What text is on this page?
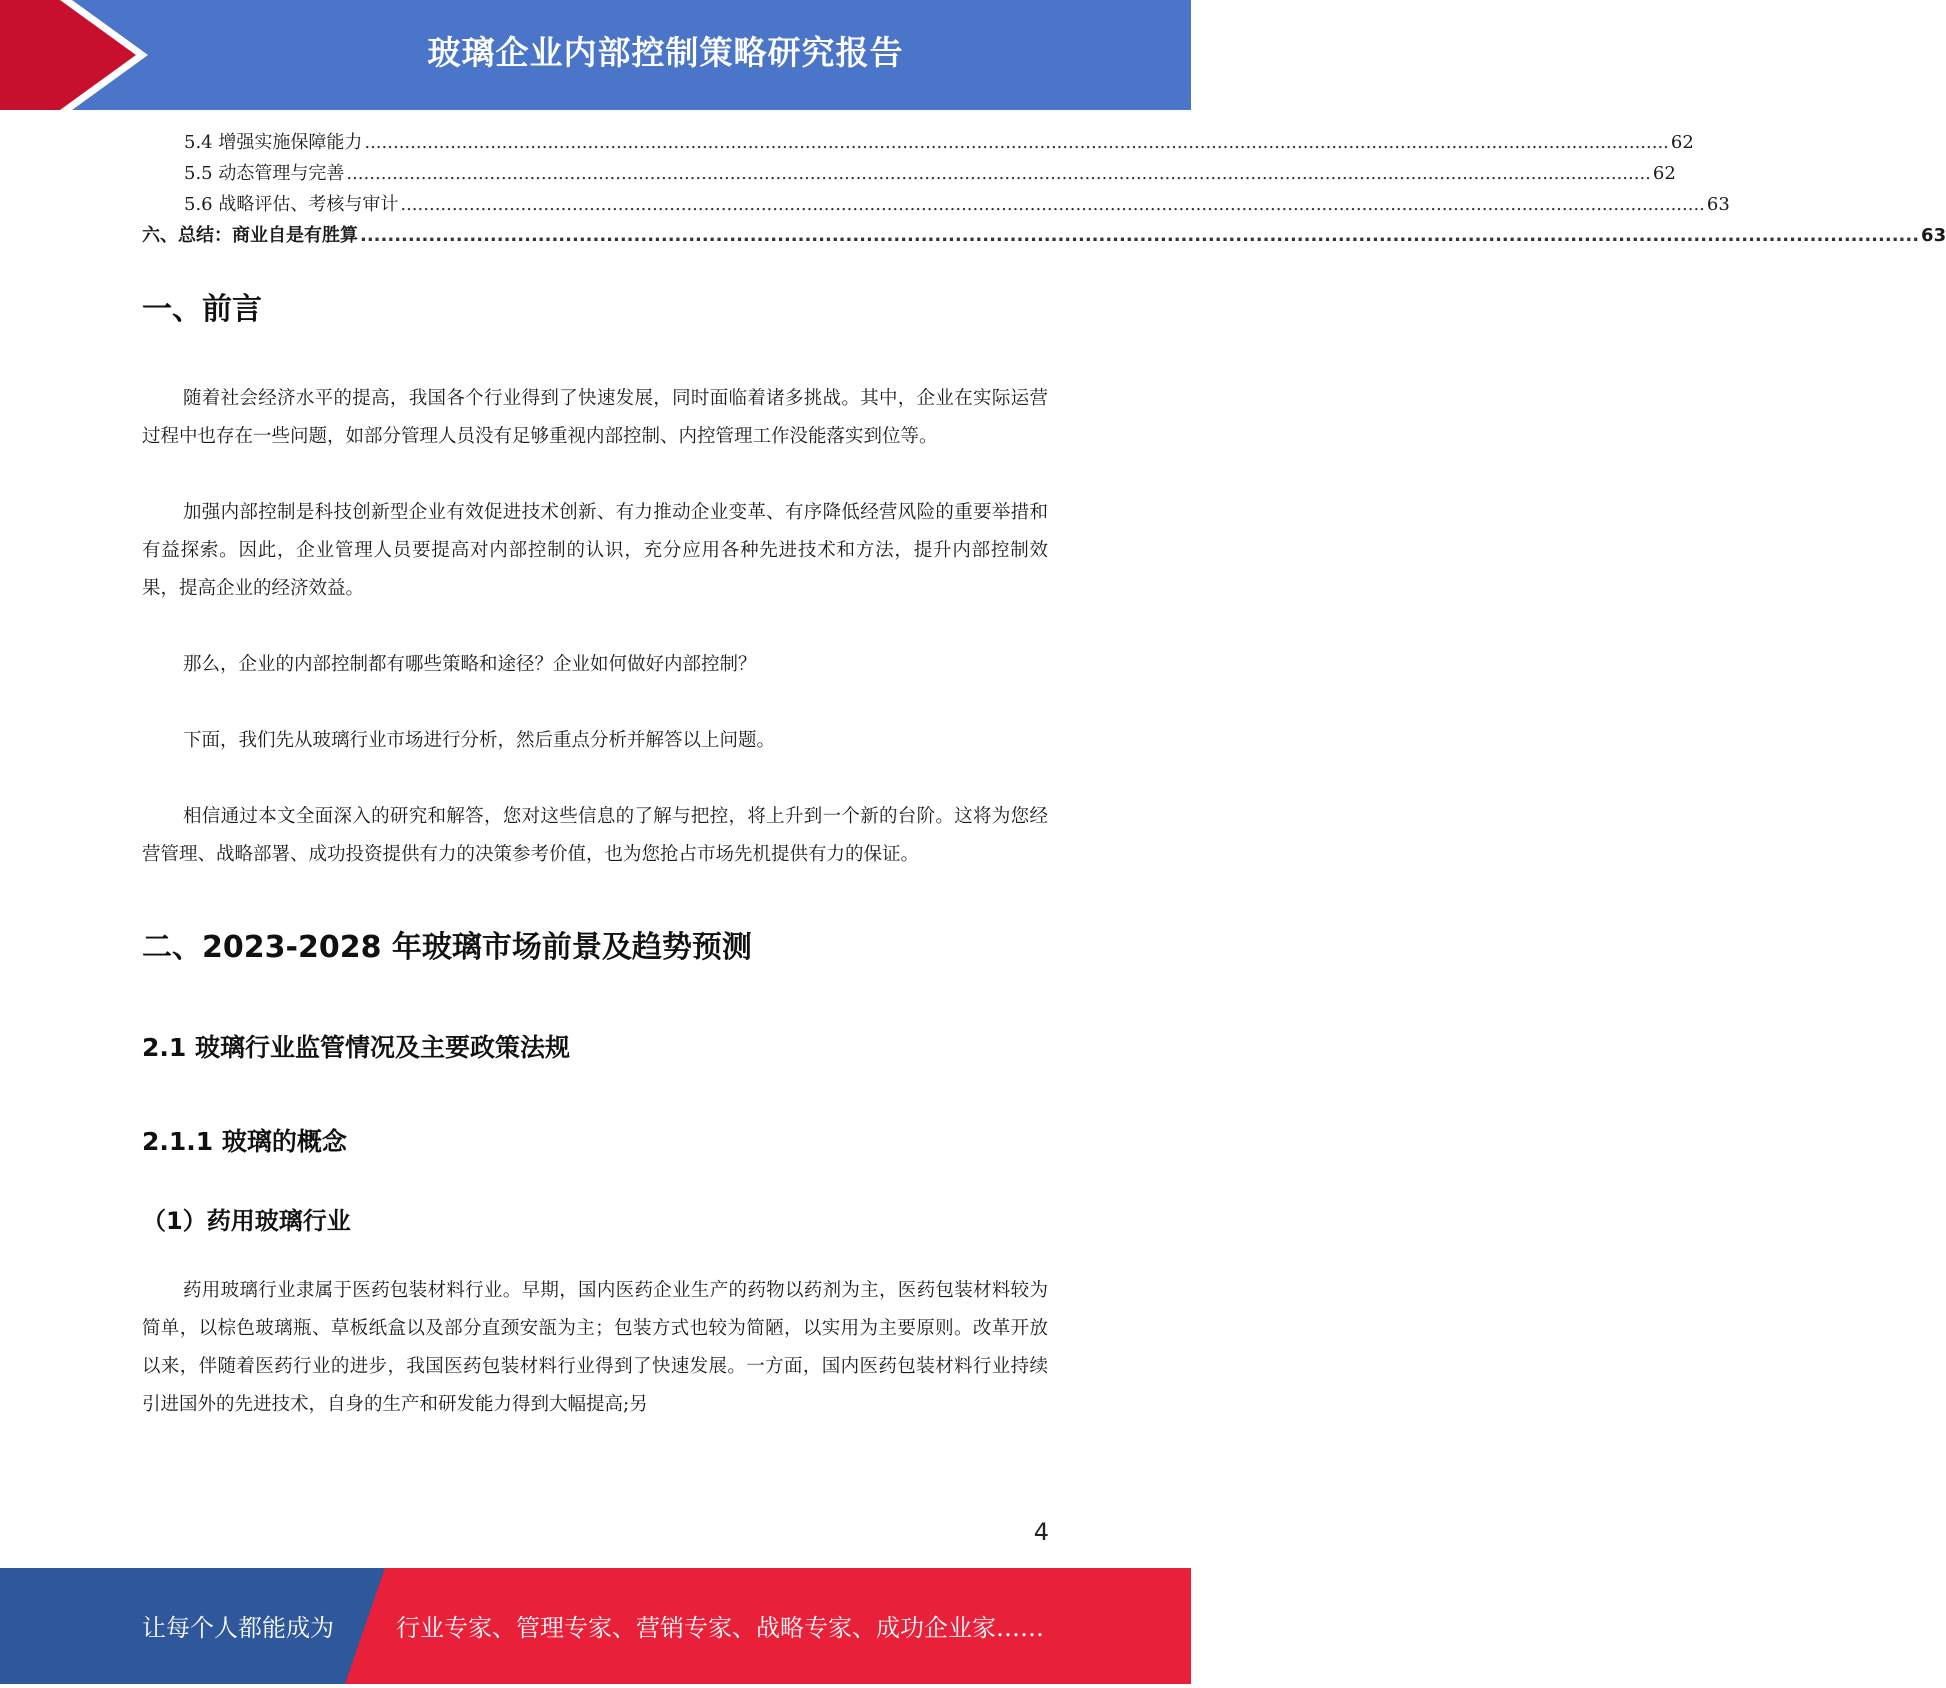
玻璃企业内部控制策略研究报告
5.4 增强实施保障能力 .................................................................................................................................................................................................................................... 62
5.5 动态管理与完善 .................................................................................................................................................................................................................................... 62
5.6 战略评估、考核与审计 .................................................................................................................................................................................................................................... 63
六、总结：商业自是有胜算 .................................................................................................................................................................................................................................... 63
一、前言

随着社会经济水平的提高，我国各个行业得到了快速发展，同时面临着诸多挑战。其中，企业在实际运营过程中也存在一些问题，如部分管理人员没有足够重视内部控制、内控管理工作没能落实到位等。

加强内部控制是科技创新型企业有效促进技术创新、有力推动企业变革、有序降低经营风险的重要举措和有益探索。因此，企业管理人员要提高对内部控制的认识，充分应用各种先进技术和方法，提升内部控制效果，提高企业的经济效益。

那么，企业的内部控制都有哪些策略和途径？企业如何做好内部控制？

下面，我们先从玻璃行业市场进行分析，然后重点分析并解答以上问题。

相信通过本文全面深入的研究和解答，您对这些信息的了解与把控，将上升到一个新的台阶。这将为您经营管理、战略部署、成功投资提供有力的决策参考价值，也为您抢占市场先机提供有力的保证。

二、2023-2028 年玻璃市场前景及趋势预测
2.1 玻璃行业监管情况及主要政策法规
2.1.1 玻璃的概念
（1）药用玻璃行业

药用玻璃行业隶属于医药包装材料行业。早期，国内医药企业生产的药物以药剂为主，医药包装材料较为简单，以棕色玻璃瓶、草板纸盒以及部分直颈安瓿为主；包装方式也较为简陋，以实用为主要原则。改革开放以来，伴随着医药行业的进步，我国医药包装材料行业得到了快速发展。一方面，国内医药包装材料行业持续引进国外的先进技术，自身的生产和研发能力得到大幅提高;另

4
让每个人都能成为	行业专家、管理专家、营销专家、战略专家、成功企业家……
